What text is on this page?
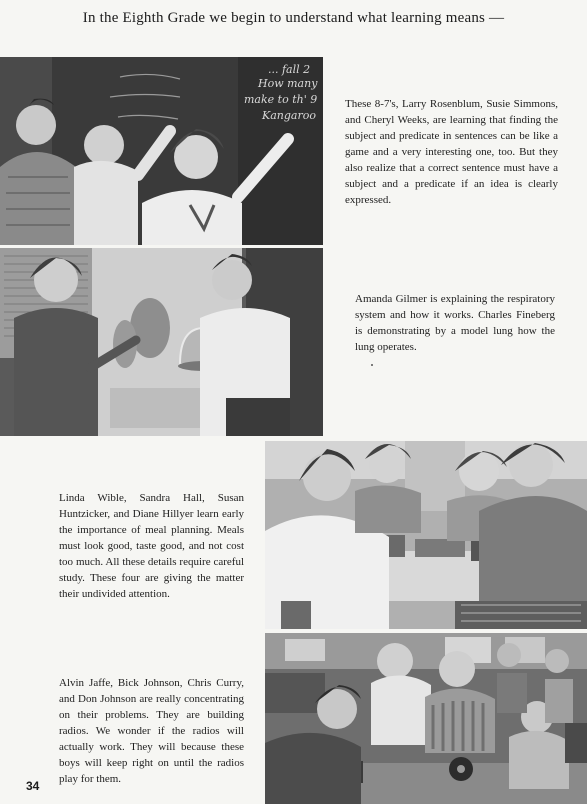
In the Eighth Grade we begin to understand what learning means —
... fall 2
How many
make to th' 9
Kangaroo
These 8-7's, Larry Rosenblum, Susie Simmons, and Cheryl Weeks, are learning that finding the subject and predicate in sentences can be like a game and a very interesting one, too. But they also realize that a correct sentence must have a subject and a predicate if an idea is clearly expressed.
Amanda Gilmer is explaining the respiratory system and how it works. Charles Fineberg is demonstrating by a model lung how the lung operates.
Linda Wible, Sandra Hall, Susan Huntzicker, and Diane Hillyer learn early the importance of meal planning. Meals must look good, taste good, and not cost too much. All these details require careful study. These four are giving the matter their undivided attention.
Alvin Jaffe, Bick Johnson, Chris Curry, and Don Johnson are really concentrating on their problems. They are building radios. We wonder if the radios will actually work. They will because these boys will keep right on until the radios play for them.
34
